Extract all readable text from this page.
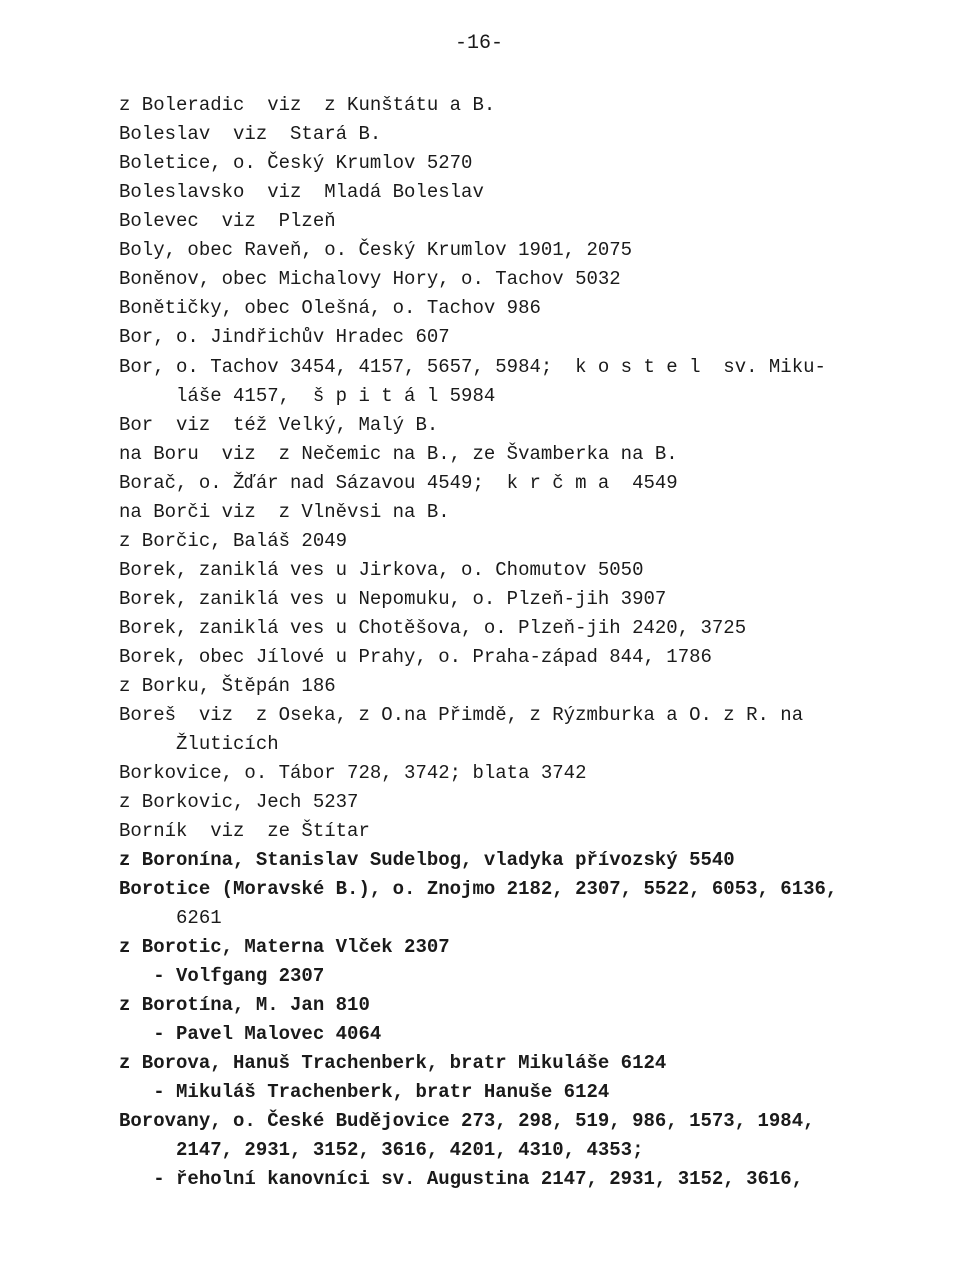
-16-
z Boleradic  viz  z Kunštátu a B.
Boleslav  viz  Stará B.
Boletice, o. Český Krumlov 5270
Boleslavsko  viz  Mladá Boleslav
Bolevec  viz  Plzeň
Boly, obec Raveň, o. Český Krumlov 1901, 2075
Boněnov, obec Michalovy Hory, o. Tachov 5032
Bonětičky, obec Olešná, o. Tachov 986
Bor, o. Jindřichův Hradec 607
Bor, o. Tachov 3454, 4157, 5657, 5984;  k o s t e l  sv. Miku-
láše 4157,  š p i t á l 5984
Bor  viz  též Velký, Malý B.
na Boru  viz  z Nečemic na B., ze Švamberka na B.
Borač, o. Žďár nad Sázavou 4549;  k r č m a  4549
na Borči viz  z Vlněvsi na B.
z Borčic, Baláš 2049
Borek, zaniklá ves u Jirkova, o. Chomutov 5050
Borek, zaniklá ves u Nepomuku, o. Plzeň-jih 3907
Borek, zaniklá ves u Chotěšova, o. Plzeň-jih 2420, 3725
Borek, obec Jílové u Prahy, o. Praha-západ 844, 1786
z Borku, Štěpán 186
Boreš  viz  z Oseka, z O.na Přimdě, z Rýzmburka a O. z R. na
Žluticích
Borkovice, o. Tábor 728, 3742; blata 3742
z Borkovic, Jech 5237
Borník  viz  ze Štítar
z Boronína, Stanislav Sudelbog, vladyka přívozský 5540
Borotice (Moravské B.), o. Znojmo 2182, 2307, 5522, 6053, 6136,
6261
z Borotic, Materna Vlček 2307
- Volfgang 2307
z Borotína, M. Jan 810
- Pavel Malovec 4064
z Borova, Hanuš Trachenberk, bratr Mikuláše 6124
- Mikuláš Trachenberk, bratr Hanuše 6124
Borovany, o. České Budějovice 273, 298, 519, 986, 1573, 1984,
2147, 2931, 3152, 3616, 4201, 4310, 4353;
- řeholní kanovníci sv. Augustina 2147, 2931, 3152, 3616,
